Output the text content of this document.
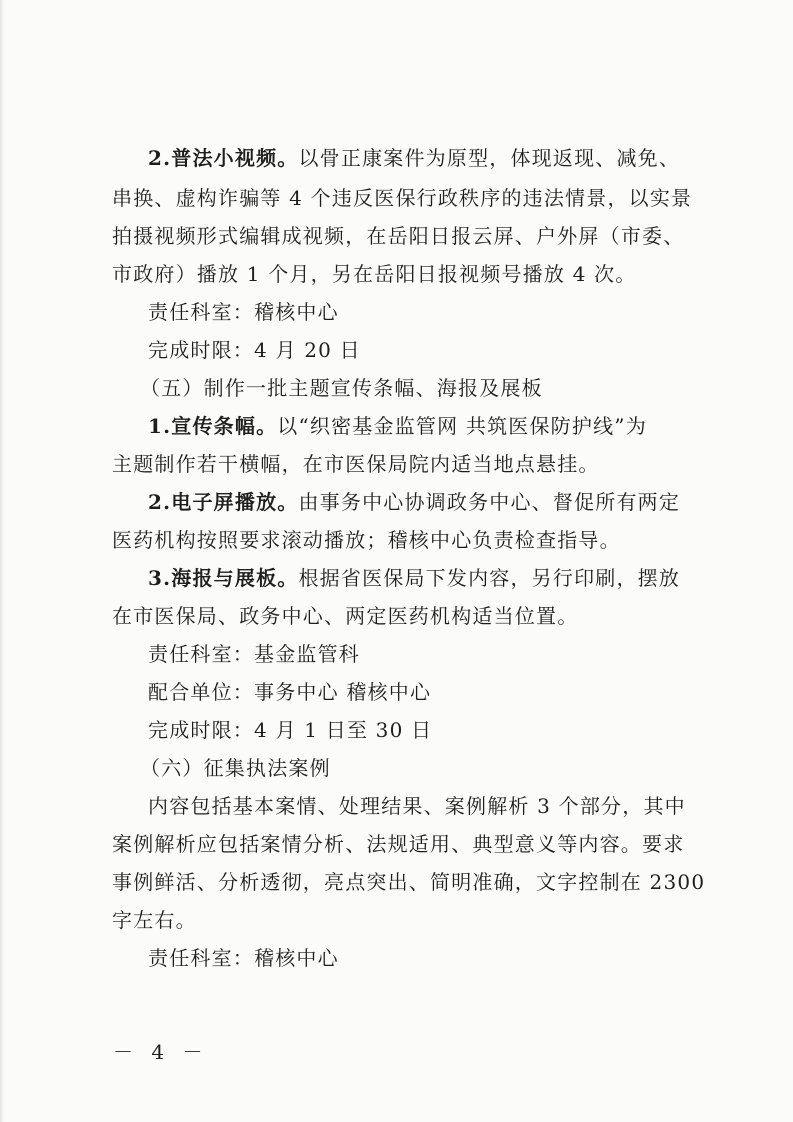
2.普法小视频。以骨正康案件为原型，体现返现、减免、
串换、虚构诈骗等 4 个违反医保行政秩序的违法情景，以实景
拍摄视频形式编辑成视频，在岳阳日报云屏、户外屏（市委、
市政府）播放 1 个月，另在岳阳日报视频号播放 4 次。
责任科室：稽核中心
完成时限：4 月 20 日
（五）制作一批主题宣传条幅、海报及展板
1.宣传条幅。以“织密基金监管网 共筑医保防护线”为
主题制作若干横幅，在市医保局院内适当地点悬挂。
2.电子屏播放。由事务中心协调政务中心、督促所有两定
医药机构按照要求滚动播放；稽核中心负责检查指导。
3.海报与展板。根据省医保局下发内容，另行印刷，摆放
在市医保局、政务中心、两定医药机构适当位置。
责任科室：基金监管科
配合单位：事务中心 稽核中心
完成时限：4 月 1 日至 30 日
（六）征集执法案例
内容包括基本案情、处理结果、案例解析 3 个部分，其中
案例解析应包括案情分析、法规适用、典型意义等内容。要求
事例鲜活、分析透彻，亮点突出、简明准确，文字控制在 2300
字左右。
责任科室：稽核中心
－ 4 －
